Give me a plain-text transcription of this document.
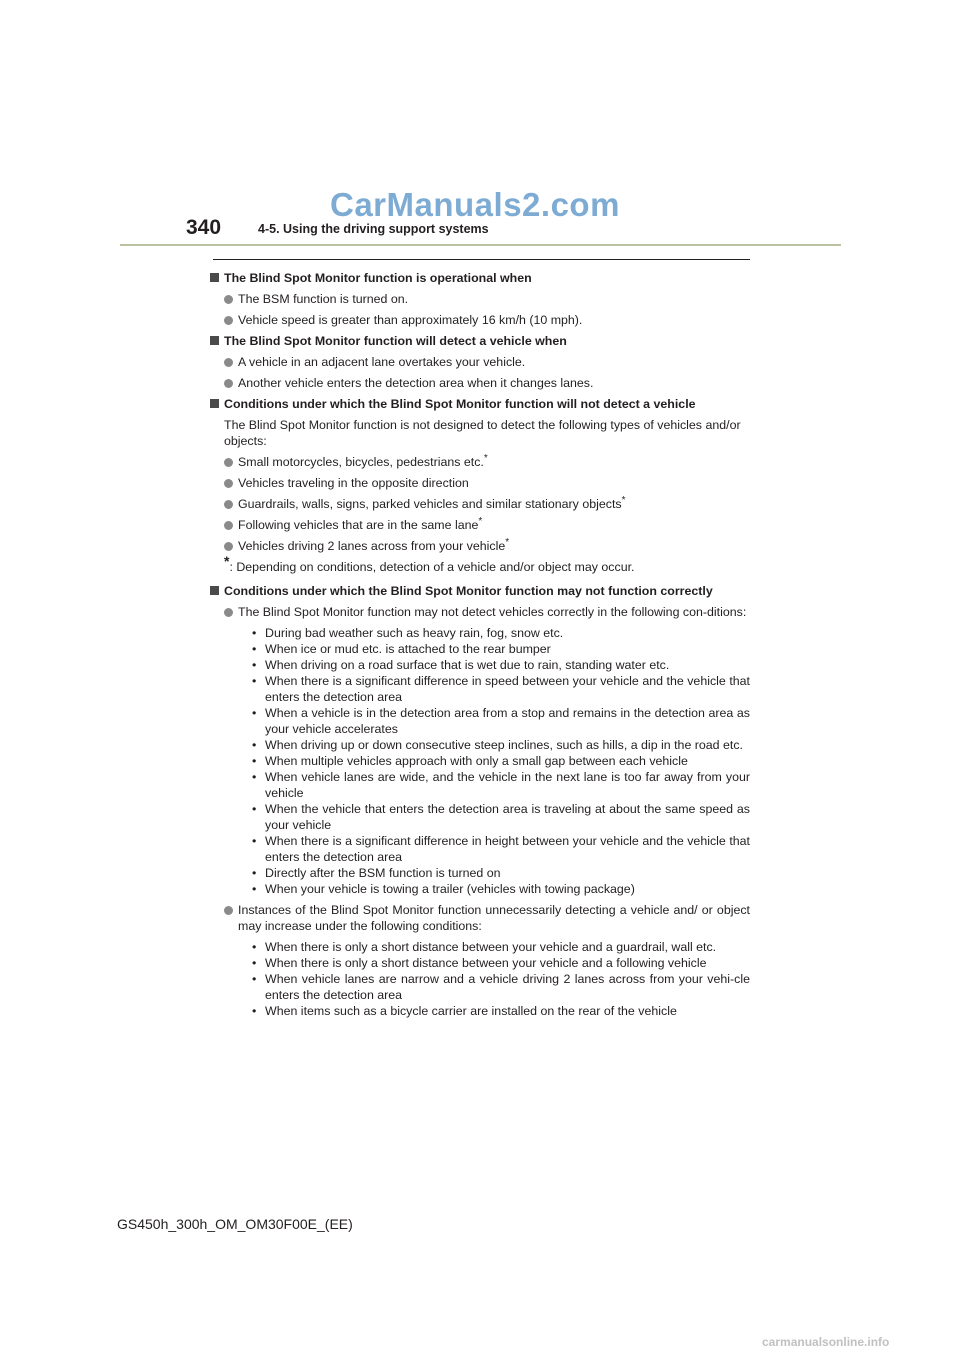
CarManuals2.com
340	4-5. Using the driving support systems
The Blind Spot Monitor function is operational when
The BSM function is turned on.
Vehicle speed is greater than approximately 16 km/h (10 mph).
The Blind Spot Monitor function will detect a vehicle when
A vehicle in an adjacent lane overtakes your vehicle.
Another vehicle enters the detection area when it changes lanes.
Conditions under which the Blind Spot Monitor function will not detect a vehicle
The Blind Spot Monitor function is not designed to detect the following types of vehicles and/or objects:
Small motorcycles, bicycles, pedestrians etc.*
Vehicles traveling in the opposite direction
Guardrails, walls, signs, parked vehicles and similar stationary objects*
Following vehicles that are in the same lane*
Vehicles driving 2 lanes across from your vehicle*
*: Depending on conditions, detection of a vehicle and/or object may occur.
Conditions under which the Blind Spot Monitor function may not function correctly
The Blind Spot Monitor function may not detect vehicles correctly in the following con-ditions:
• During bad weather such as heavy rain, fog, snow etc.
• When ice or mud etc. is attached to the rear bumper
• When driving on a road surface that is wet due to rain, standing water etc.
• When there is a significant difference in speed between your vehicle and the vehicle that enters the detection area
• When a vehicle is in the detection area from a stop and remains in the detection area as your vehicle accelerates
• When driving up or down consecutive steep inclines, such as hills, a dip in the road etc.
• When multiple vehicles approach with only a small gap between each vehicle
• When vehicle lanes are wide, and the vehicle in the next lane is too far away from your vehicle
• When the vehicle that enters the detection area is traveling at about the same speed as your vehicle
• When there is a significant difference in height between your vehicle and the vehicle that enters the detection area
• Directly after the BSM function is turned on
• When your vehicle is towing a trailer (vehicles with towing package)
Instances of the Blind Spot Monitor function unnecessarily detecting a vehicle and/ or object may increase under the following conditions:
• When there is only a short distance between your vehicle and a guardrail, wall etc.
• When there is only a short distance between your vehicle and a following vehicle
• When vehicle lanes are narrow and a vehicle driving 2 lanes across from your vehi-cle enters the detection area
• When items such as a bicycle carrier are installed on the rear of the vehicle
GS450h_300h_OM_OM30F00E_(EE)
carmanualsonline.info
